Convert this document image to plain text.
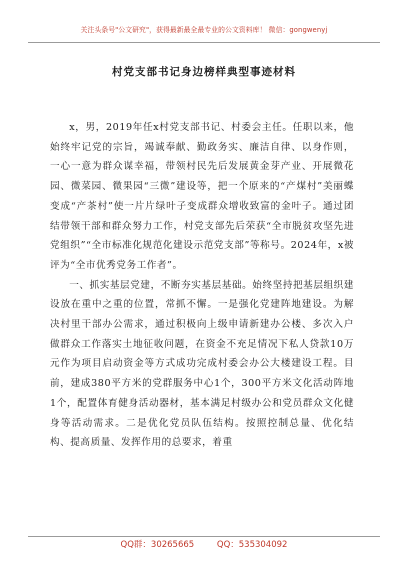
关注头条号"公文研究"，获得最新最全最专业的公文资料库！ 微信：gongwenyj
村党支部书记身边榜样典型事迹材料

x，男，2019年任x村党支部书记、村委会主任。任职以来，他始终牢记党的宗旨，竭诚奉献、勤政务实、廉洁自律、以身作则，一心一意为群众谋幸福，带领村民先后发展黄金芽产业、开展微花园、微菜园、微果园“三微”建设等，把一个原来的“产煤村”美丽蝶变成“产茶村”使一片片绿叶子变成群众增收致富的金叶子。通过团结带领干部和群众努力工作，村党支部先后荣获“全市脱贫攻坚先进党组织”“全市标准化规范化建设示范党支部”等称号。2024年，x被评为“全市优秀党务工作者”。

一、抓实基层党建，不断夯实基层基础。始终坚持把基层组织建设放在重中之重的位置，常抓不懈。一是强化党建阵地建设。为解决村里干部办公需求，通过积极向上级申请新建办公楼、多次入户做群众工作落实土地征收问题，在资金不充足情况下私人贷款10万元作为项目启动资金等方式成功完成村委会办公大楼建设工程。目前，建成380平方米的党群服务中心1个，300平方米文化活动阵地1个，配置体育健身活动器材，基本满足村级办公和党员群众文化健身等活动需求。二是优化党员队伍结构。按照控制总量、优化结构、提高质量、发挥作用的总要求，着重

QQ群：30265665	QQ：535304092
